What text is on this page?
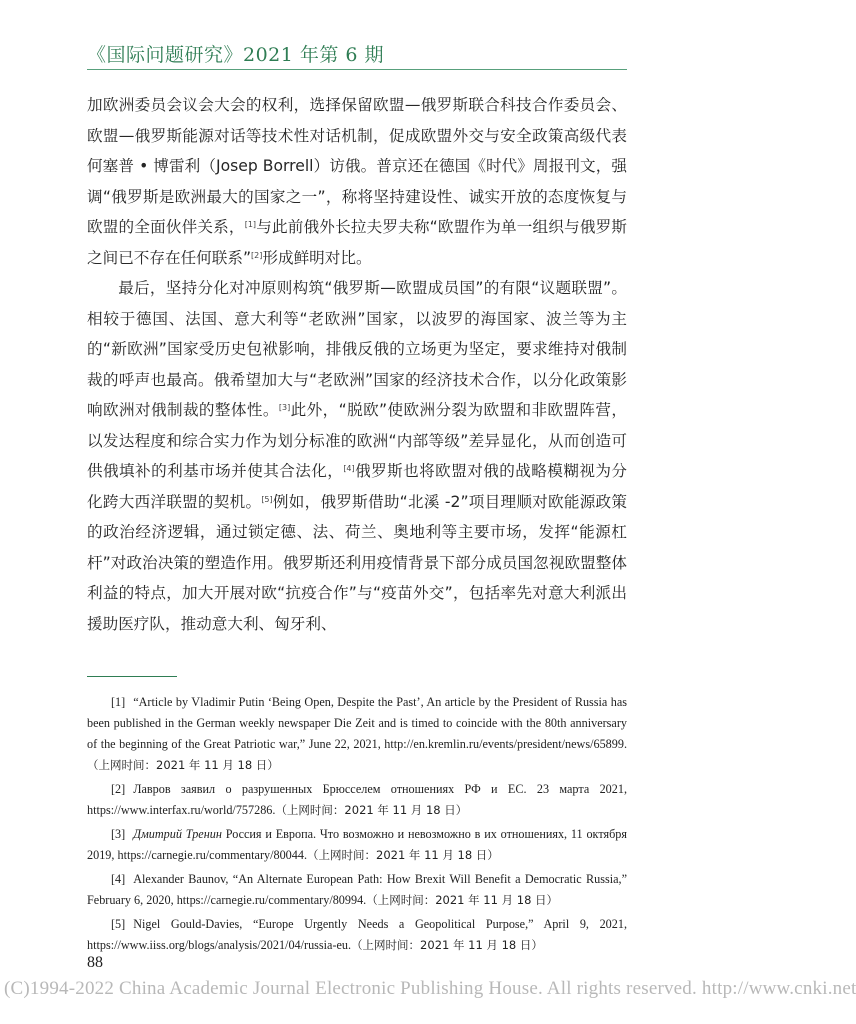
《国际问题研究》2021 年第 6 期

加欧洲委员会议会大会的权利，选择保留欧盟—俄罗斯联合科技合作委员会、欧盟—俄罗斯能源对话等技术性对话机制，促成欧盟外交与安全政策高级代表何塞普 • 博雷利（Josep Borrell）访俄。普京还在德国《时代》周报刊文，强调“俄罗斯是欧洲最大的国家之一”，称将坚持建设性、诚实开放的态度恢复与欧盟的全面伙伴关系，[1]与此前俄外长拉夫罗夫称“欧盟作为单一组织与俄罗斯之间已不存在任何联系”[2]形成鲜明对比。

最后，坚持分化对冲原则构筑“俄罗斯—欧盟成员国”的有限“议题联盟”。相较于德国、法国、意大利等“老欧洲”国家，以波罗的海国家、波兰等为主的“新欧洲”国家受历史包袱影响，排俄反俄的立场更为坚定，要求维持对俄制裁的呼声也最高。俄希望加大与“老欧洲”国家的经济技术合作，以分化政策影响欧洲对俄制裁的整体性。[3]此外，“脱欧”使欧洲分裂为欧盟和非欧盟阵营，以发达程度和综合实力作为划分标准的欧洲“内部等级”差异显化，从而创造可供俄填补的利基市场并使其合法化，[4]俄罗斯也将欧盟对俄的战略模糊视为分化跨大西洋联盟的契机。[5]例如，俄罗斯借助“北溪 -2”项目理顺对欧能源政策的政治经济逻辑，通过锁定德、法、荷兰、奥地利等主要市场，发挥“能源杠杆”对政治决策的塑造作用。俄罗斯还利用疫情背景下部分成员国忽视欧盟整体利益的特点，加大开展对欧“抗疫合作”与“疫苗外交”，包括率先对意大利派出援助医疗队，推动意大利、匈牙利、

[1] “Article by Vladimir Putin ‘Being Open, Despite the Past’, An article by the President of Russia has been published in the German weekly newspaper Die Zeit and is timed to coincide with the 80th anniversary of the beginning of the Great Patriotic war,” June 22, 2021, http://en.kremlin.ru/events/president/news/65899.（上网时间：2021 年 11 月 18 日）

[2] Лавров заявил о разрушенных Брюсселем отношениях РФ и ЕС. 23 марта 2021, https://www.interfax.ru/world/757286.（上网时间：2021 年 11 月 18 日）

[3] Дмитрий Тренин Россия и Европа. Что возможно и невозможно в их отношениях, 11 октября 2019, https://carnegie.ru/commentary/80044.（上网时间：2021 年 11 月 18 日）

[4] Alexander Baunov, “An Alternate European Path: How Brexit Will Benefit a Democratic Russia,” February 6, 2020, https://carnegie.ru/commentary/80994.（上网时间：2021 年 11 月 18 日）

[5] Nigel Gould-Davies, “Europe Urgently Needs a Geopolitical Purpose,” April 9, 2021, https://www.iiss.org/blogs/analysis/2021/04/russia-eu.（上网时间：2021 年 11 月 18 日）

88
(C)1994-2022 China Academic Journal Electronic Publishing House. All rights reserved. http://www.cnki.net
